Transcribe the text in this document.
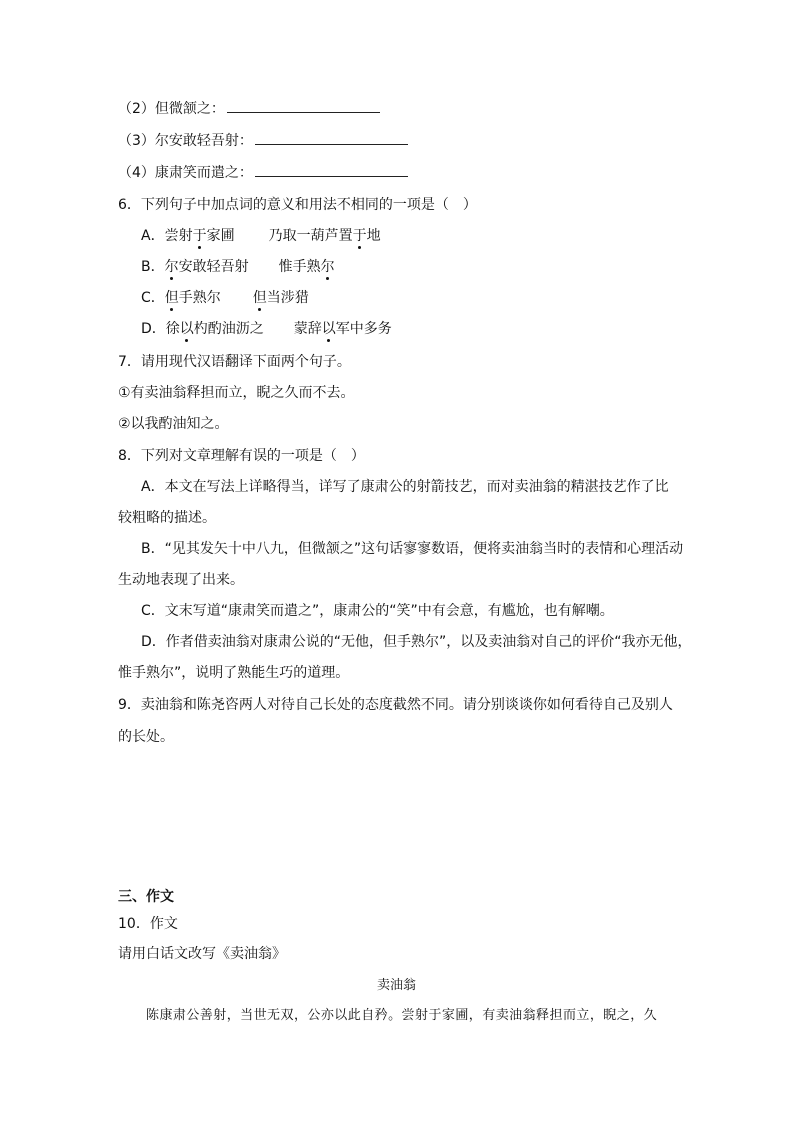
（2）但微颔之：
（3）尔安敢轻吾射：
（4）康肃笑而遣之：
6．下列句子中加点词的意义和用法不相同的一项是（　）
A．尝射于家圃 乃取一葫芦置于地
B．尔安敢轻吾射 惟手熟尔
C．但手熟尔 但当涉猎
D．徐以杓酌油沥之 蒙辞以军中多务
7．请用现代汉语翻译下面两个句子。
①有卖油翁释担而立，睨之久而不去。
②以我酌油知之。
8．下列对文章理解有误的一项是（　）
A．本文在写法上详略得当，详写了康肃公的射箭技艺，而对卖油翁的精湛技艺作了比
较粗略的描述。
B．“见其发矢十中八九，但微颔之”这句话寥寥数语，便将卖油翁当时的表情和心理活动
生动地表现了出来。
C．文末写道“康肃笑而遣之”，康肃公的“笑”中有会意，有尴尬，也有解嘲。
D．作者借卖油翁对康肃公说的“无他，但手熟尔”，以及卖油翁对自己的评价“我亦无他，
惟手熟尔”，说明了熟能生巧的道理。
9．卖油翁和陈尧咨两人对待自己长处的态度截然不同。请分别谈谈你如何看待自己及别人
的长处。
三、作文
10．作文
请用白话文改写《卖油翁》
卖油翁
陈康肃公善射，当世无双，公亦以此自矜。尝射于家圃，有卖油翁释担而立，睨之，久
